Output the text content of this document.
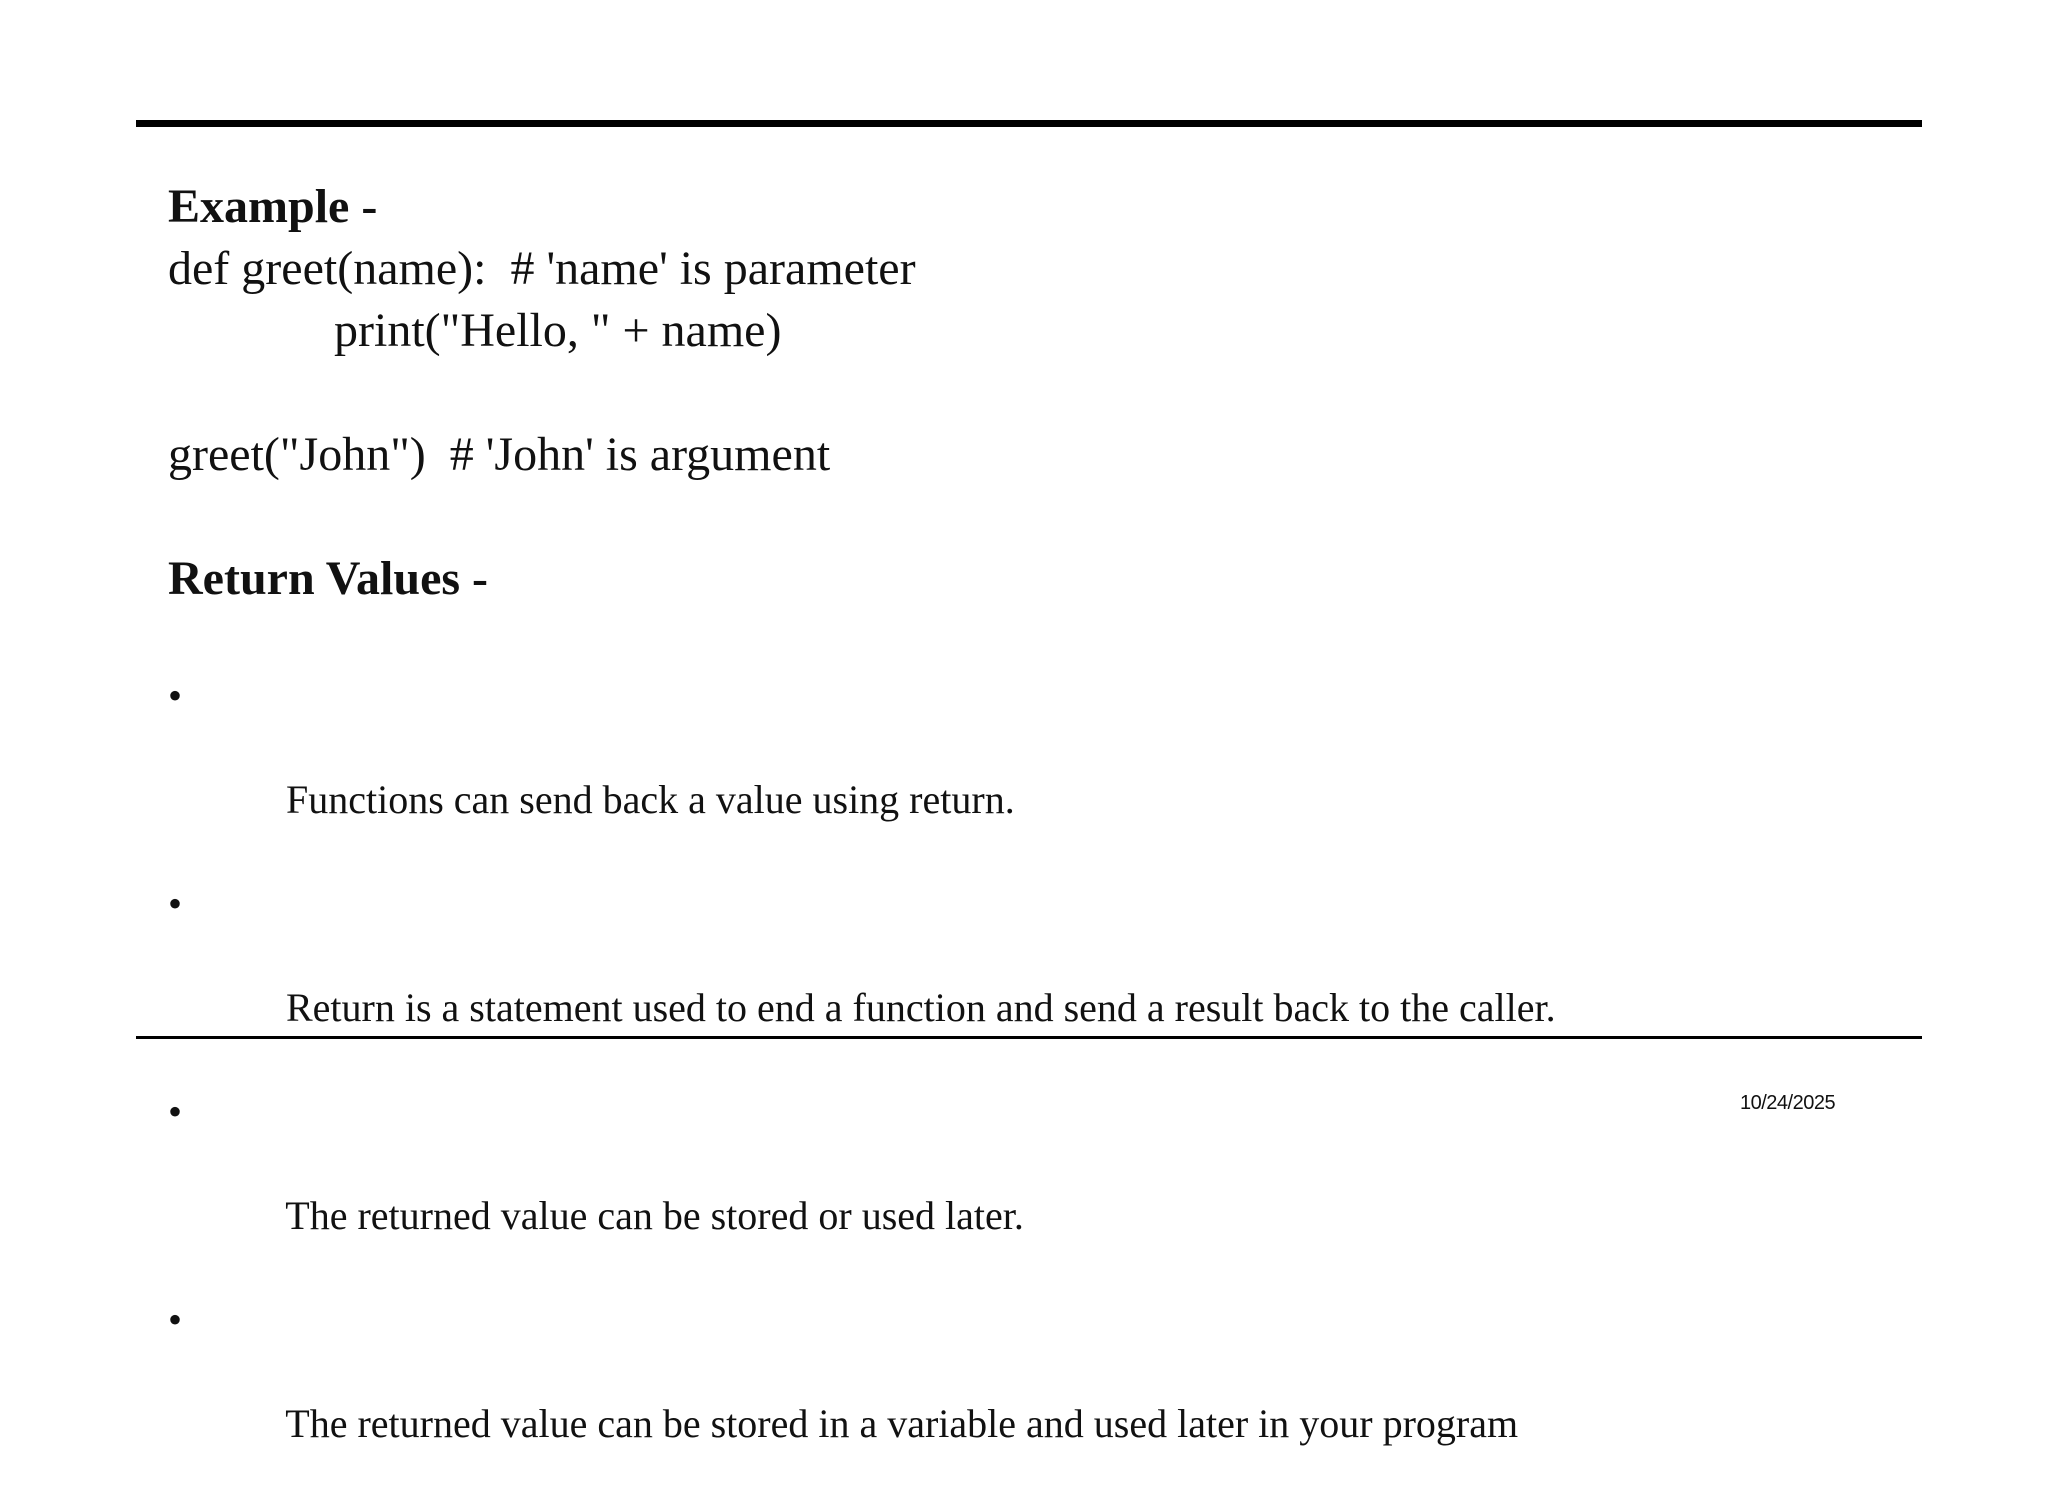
Example -
def greet(name):  # 'name' is parameter
print("Hello, " + name)
greet("John")  # 'John' is argument
Return Values -

•

Functions can send back a value using return.

•

Return is a statement used to end a function and send a result back to the caller.

•

The returned value can be stored or used later.

•

The returned value can be stored in a variable and used later in your program

10/24/2025
